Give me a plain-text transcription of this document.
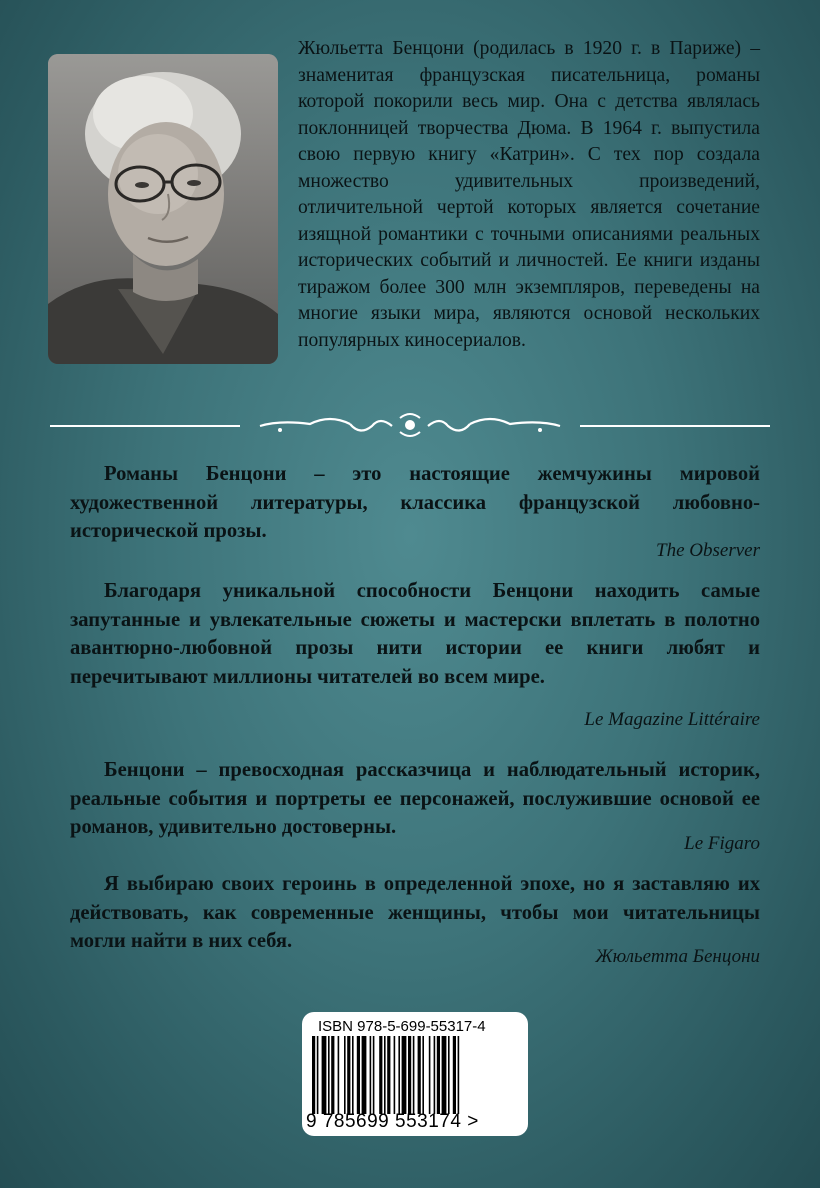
Жюльетта Бенцони (родилась в 1920 г. в Париже) – знаменитая французская писательница, романы которой покорили весь мир. Она с детства являлась поклонницей творчества Дюма. В 1964 г. выпустила свою первую книгу «Катрин». С тех пор создала множество удивительных произведений, отличительной чертой которых является сочетание изящной романтики с точными описаниями реальных исторических событий и личностей. Ее книги изданы тиражом более 300 млн экземпляров, переведены на многие языки мира, являются основой нескольких популярных киносериалов.

Романы Бенцони – это настоящие жемчужины мировой художественной литературы, классика французской любовно-исторической прозы.

The Observer

Благодаря уникальной способности Бенцони находить самые запутанные и увлекательные сюжеты и мастерски вплетать в полотно авантюрно-любовной прозы нити истории ее книги любят и перечитывают миллионы читателей во всем мире.

Le Magazine Littéraire

Бенцони – превосходная рассказчица и наблюдательный историк, реальные события и портреты ее персонажей, послужившие основой ее романов, удивительно достоверны.

Le Figaro

Я выбираю своих героинь в определенной эпохе, но я заставляю их действовать, как современные женщины, чтобы мои читательницы могли найти в них себя.

Жюльетта Бенцони

ISBN 978-5-699-55317-4

9 785699 553174 >
